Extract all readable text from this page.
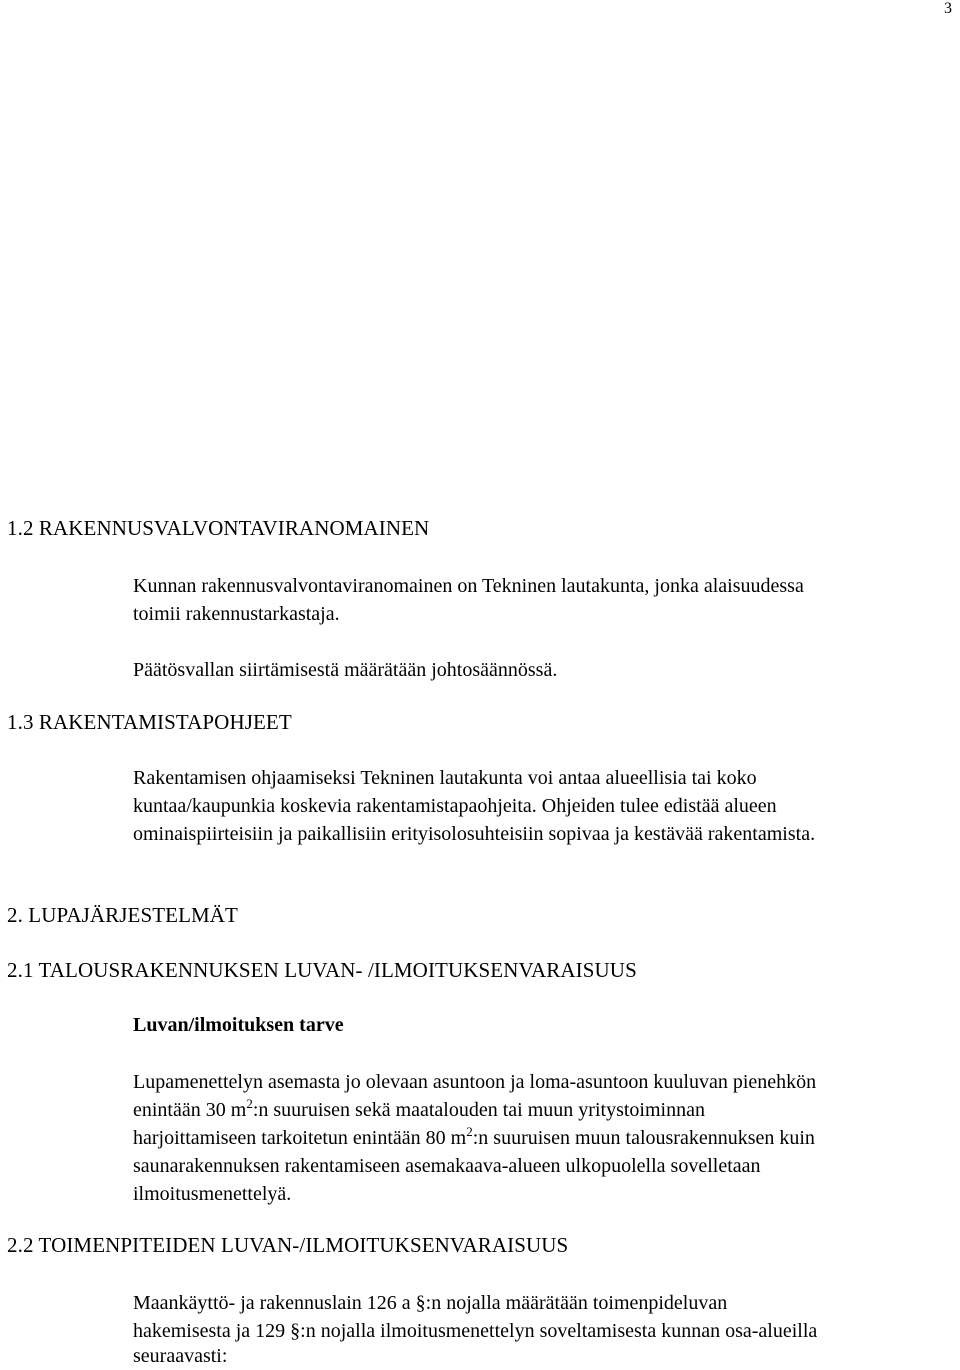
3
1.2 RAKENNUSVALVONTAVIRANOMAINEN
Kunnan rakennusvalvontaviranomainen on Tekninen lautakunta, jonka alaisuudessa
toimii rakennustarkastaja.
Päätösvallan siirtämisestä määrätään johtosäännössä.
1.3 RAKENTAMISTAPOHJEET
Rakentamisen ohjaamiseksi Tekninen lautakunta voi antaa alueellisia tai koko
kuntaa/kaupunkia koskevia rakentamistapaohjeita. Ohjeiden tulee edistää alueen
ominaispiirteisiin ja paikallisiin erityisolosuhteisiin sopivaa ja kestävää rakentamista.
2. LUPAJÄRJESTELMÄT
2.1 TALOUSRAKENNUKSEN LUVAN- /ILMOITUKSENVARAISUUS
Luvan/ilmoituksen tarve
Lupamenettelyn asemasta jo olevaan asuntoon ja loma-asuntoon kuuluvan pienehkön
enintään 30 $m^2:n$ suuruisen sekä maatalouden tai muun yritystoiminnan
harjoittamiseen tarkoitetun enintään 80 $m^2:n$ suuruisen muun talousrakennuksen kuin
saunarakennuksen rakentamiseen asemakaava-alueen ulkopuolella sovelletaan
ilmoitusmenettelyä.
2.2 TOIMENPITEIDEN LUVAN-/ILMOITUKSENVARAISUUS
Maankäyttö- ja rakennuslain 126 a §:n nojalla määrätään toimenpideluvan
hakemisesta ja 129 §:n nojalla ilmoitusmenettelyn soveltamisesta kunnan osa-alueilla
seuraavasti:
